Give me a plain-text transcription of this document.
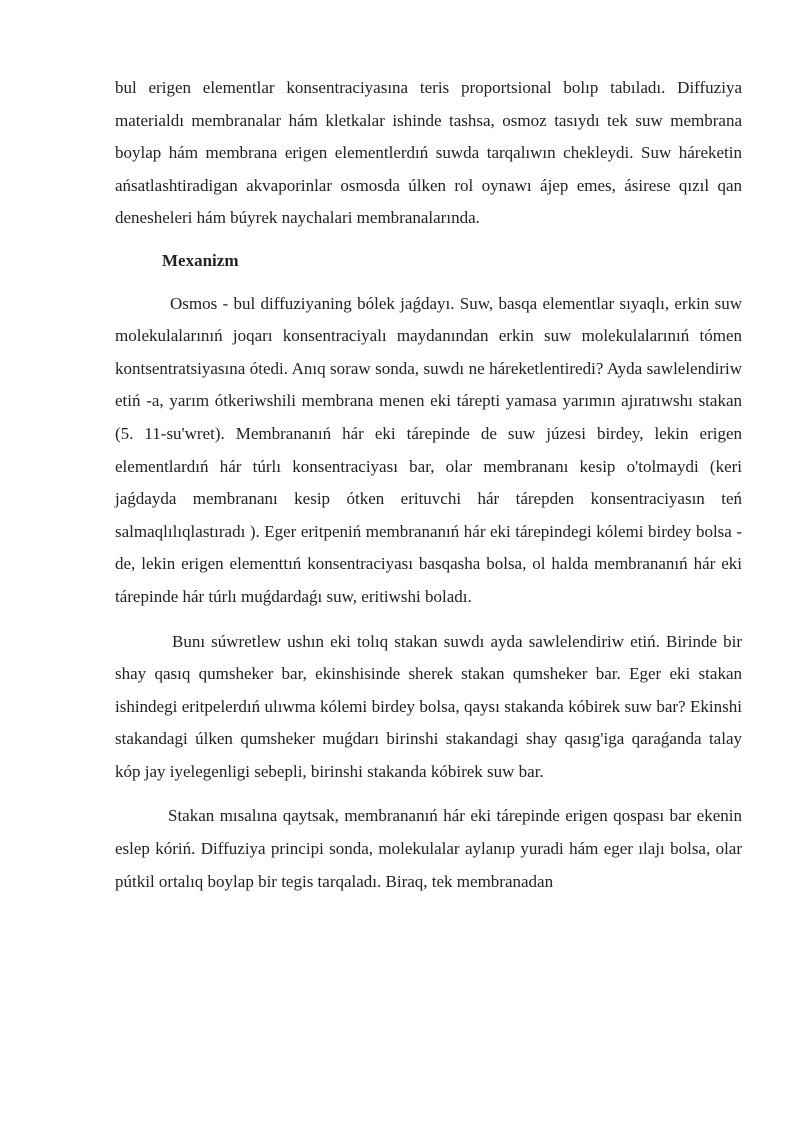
bul erigen elementlar konsentraciyasına teris proportsional bolıp tabıladı. Diffuziya materialdı membranalar hám kletkalar ishinde tashsa, osmoz tasıydı tek suw membrana boylap hám membrana erigen elementlerdıń suwda tarqalıwın chekleydi. Suw háreketin ańsatlashtiradigan akvaporinlar osmosda úlken rol oynawı ájep emes, ásirese qızıl qan denesheleri hám búyrek naychalari membranalarında.

Mexanizm

Osmos - bul diffuziyaning bólek jaǵdayı. Suw, basqa elementlar sıyaqlı, erkin suw molekulalarınıń joqarı konsentraciyalı maydanından erkin suw molekulalarınıń tómen kontsentratsiyasına ótedi. Anıq soraw sonda, suwdı ne háreketlentiredi? Ayda sawlelendiriw etiń -a, yarım ótkeriwshili membrana menen eki tárepti yamasa yarımın ajıratıwshı stakan (5. 11-su'wret). Membrananıń hár eki tárepinde de suw júzesi birdey, lekin erigen elementlardıń hár túrlı konsentraciyası bar, olar membrananı kesip o'tolmaydi (keri jaǵdayda membrananı kesip ótken erituvchi hár tárepden konsentraciyasın teń salmaqlılıqlastıradı ). Eger eritpeniń membrananıń hár eki tárepindegi kólemi birdey bolsa -de, lekin erigen elementtıń konsentraciyası basqasha bolsa, ol halda membrananıń hár eki tárepinde hár túrlı muǵdardaǵı suw, eritiwshi boladı.

Bunı súwretlew ushın eki tolıq stakan suwdı ayda sawlelendiriw etiń. Birinde bir shay qasıq qumsheker bar, ekinshisinde sherek stakan qumsheker bar. Eger eki stakan ishindegi eritpelerdıń ulıwma kólemi birdey bolsa, qaysı stakanda kóbirek suw bar? Ekinshi stakandagi úlken qumsheker muǵdarı birinshi stakandagi shay qasıg'iga qaraǵanda talay kóp jay iyelegenligi sebepli, birinshi stakanda kóbirek suw bar.

Stakan mısalına qaytsak, membrananıń hár eki tárepinde erigen qospası bar ekenin eslep kóriń. Diffuziya principi sonda, molekulalar aylanıp yuradi hám eger ılajı bolsa, olar pútkil ortalıq boylap bir tegis tarqaladı. Biraq, tek membranadan
